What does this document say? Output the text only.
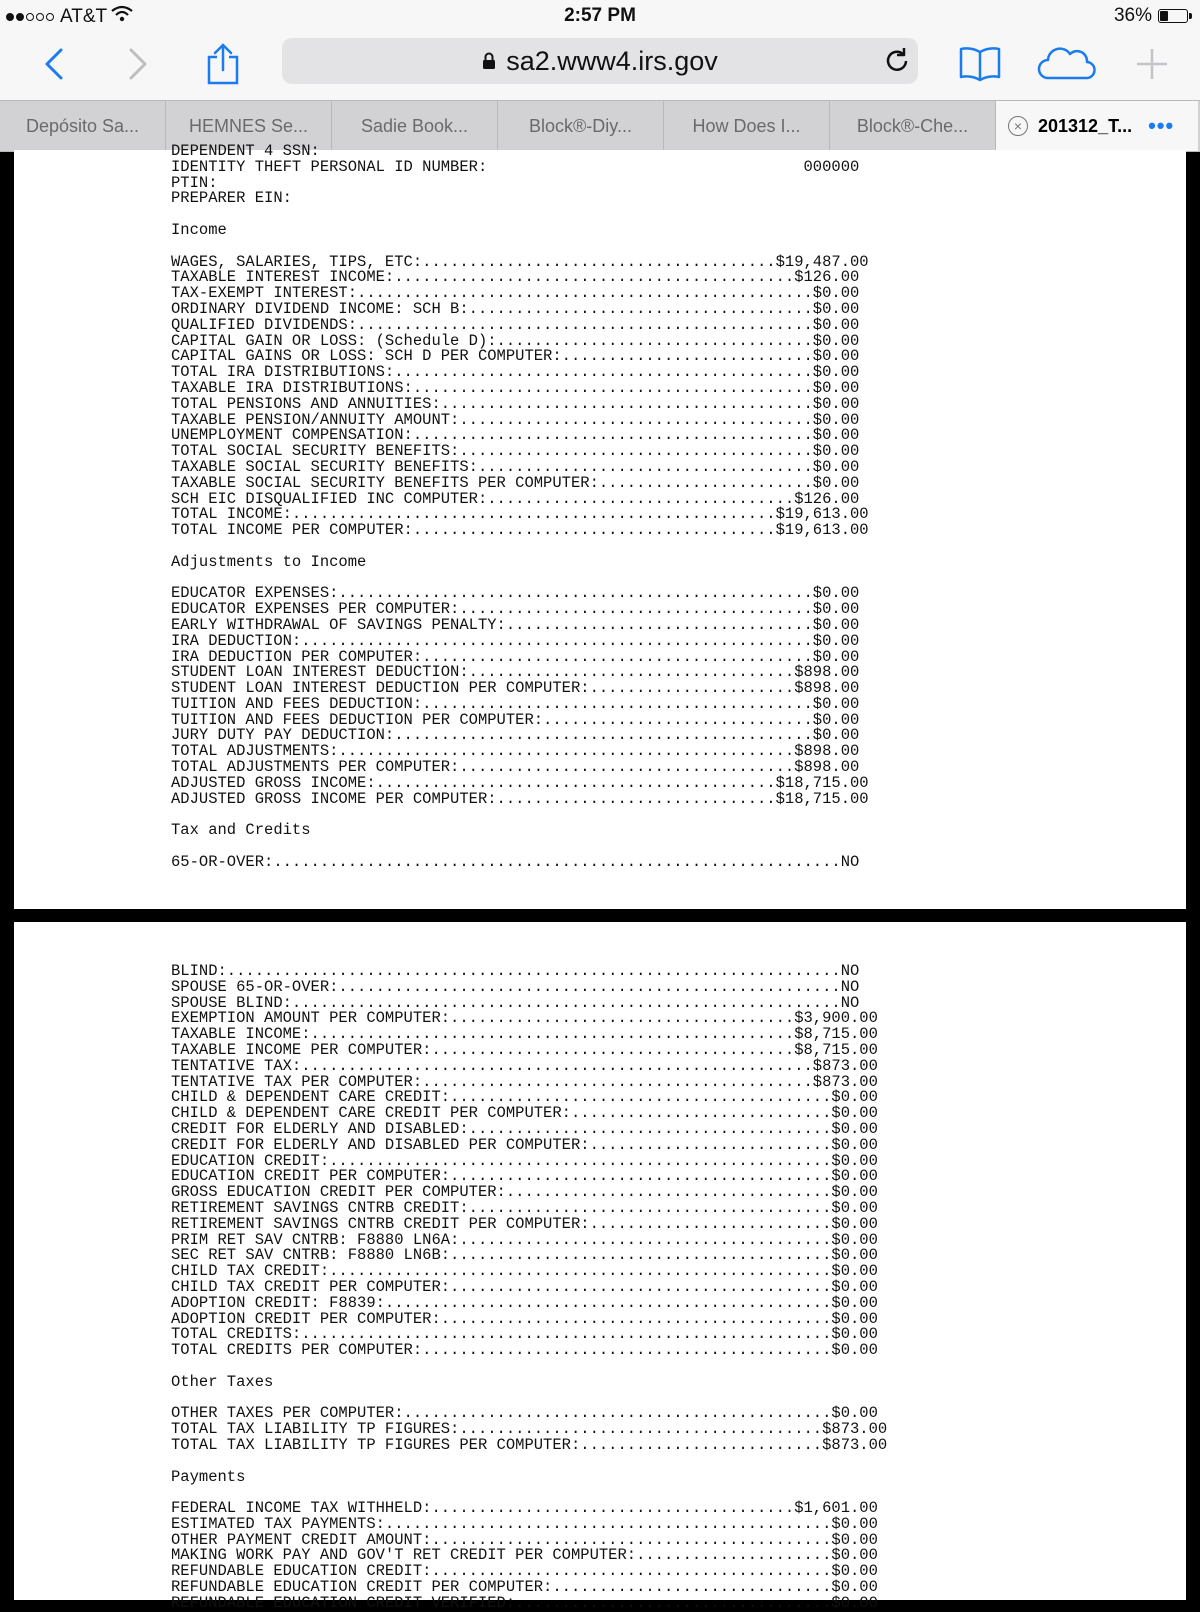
AT&T	2:57 PM	36%
sa2.www4.irs.gov
Depósito Sa...	HEMNES Se...	Sadie Book...	Block®-Diy...	How Does I...	Block®-Che...	× 201312_T... •••
DEPENDENT 4 SSN:
IDENTITY THEFT PERSONAL ID NUMBER:                                  000000
PTIN:
PREPARER EIN:
Income
WAGES, SALARIES, TIPS, ETC:......................................$19,487.00
TAXABLE INTEREST INCOME:...........................................$126.00
TAX-EXEMPT INTEREST:.................................................$0.00
ORDINARY DIVIDEND INCOME: SCH B:.....................................$0.00
QUALIFIED DIVIDENDS:.................................................$0.00
CAPITAL GAIN OR LOSS: (Schedule D):..................................$0.00
CAPITAL GAINS OR LOSS: SCH D PER COMPUTER:...........................$0.00
TOTAL IRA DISTRIBUTIONS:.............................................$0.00
TAXABLE IRA DISTRIBUTIONS:...........................................$0.00
TOTAL PENSIONS AND ANNUITIES:........................................$0.00
TAXABLE PENSION/ANNUITY AMOUNT:......................................$0.00
UNEMPLOYMENT COMPENSATION:...........................................$0.00
TOTAL SOCIAL SECURITY BENEFITS:......................................$0.00
TAXABLE SOCIAL SECURITY BENEFITS:....................................$0.00
TAXABLE SOCIAL SECURITY BENEFITS PER COMPUTER:.......................$0.00
SCH EIC DISQUALIFIED INC COMPUTER:.................................$126.00
TOTAL INCOME:....................................................$19,613.00
TOTAL INCOME PER COMPUTER:.......................................$19,613.00
Adjustments to Income
EDUCATOR EXPENSES:...................................................$0.00
EDUCATOR EXPENSES PER COMPUTER:......................................$0.00
EARLY WITHDRAWAL OF SAVINGS PENALTY:.................................$0.00
IRA DEDUCTION:.......................................................$0.00
IRA DEDUCTION PER COMPUTER:..........................................$0.00
STUDENT LOAN INTEREST DEDUCTION:...................................$898.00
STUDENT LOAN INTEREST DEDUCTION PER COMPUTER:......................$898.00
TUITION AND FEES DEDUCTION:..........................................$0.00
TUITION AND FEES DEDUCTION PER COMPUTER:.............................$0.00
JURY DUTY PAY DEDUCTION:.............................................$0.00
TOTAL ADJUSTMENTS:.................................................$898.00
TOTAL ADJUSTMENTS PER COMPUTER:....................................$898.00
ADJUSTED GROSS INCOME:...........................................$18,715.00
ADJUSTED GROSS INCOME PER COMPUTER:..............................$18,715.00
Tax and Credits
65-OR-OVER:.............................................................NO
BLIND:..................................................................NO
SPOUSE 65-OR-OVER:......................................................NO
SPOUSE BLIND:...........................................................NO
EXEMPTION AMOUNT PER COMPUTER:.....................................$3,900.00
TAXABLE INCOME:....................................................$8,715.00
TAXABLE INCOME PER COMPUTER:.......................................$8,715.00
TENTATIVE TAX:.......................................................$873.00
TENTATIVE TAX PER COMPUTER:..........................................$873.00
CHILD & DEPENDENT CARE CREDIT:.........................................$0.00
CHILD & DEPENDENT CARE CREDIT PER COMPUTER:............................$0.00
CREDIT FOR ELDERLY AND DISABLED:.......................................$0.00
CREDIT FOR ELDERLY AND DISABLED PER COMPUTER:..........................$0.00
EDUCATION CREDIT:......................................................$0.00
EDUCATION CREDIT PER COMPUTER:.........................................$0.00
GROSS EDUCATION CREDIT PER COMPUTER:...................................$0.00
RETIREMENT SAVINGS CNTRB CREDIT:.......................................$0.00
RETIREMENT SAVINGS CNTRB CREDIT PER COMPUTER:..........................$0.00
PRIM RET SAV CNTRB: F8880 LN6A:........................................$0.00
SEC RET SAV CNTRB: F8880 LN6B:.........................................$0.00
CHILD TAX CREDIT:......................................................$0.00
CHILD TAX CREDIT PER COMPUTER:.........................................$0.00
ADOPTION CREDIT: F8839:................................................$0.00
ADOPTION CREDIT PER COMPUTER:..........................................$0.00
TOTAL CREDITS:.........................................................$0.00
TOTAL CREDITS PER COMPUTER:............................................$0.00
Other Taxes
OTHER TAXES PER COMPUTER:..............................................$0.00
TOTAL TAX LIABILITY TP FIGURES:.......................................$873.00
TOTAL TAX LIABILITY TP FIGURES PER COMPUTER:..........................$873.00
Payments
FEDERAL INCOME TAX WITHHELD:.......................................$1,601.00
ESTIMATED TAX PAYMENTS:................................................$0.00
OTHER PAYMENT CREDIT AMOUNT:...........................................$0.00
MAKING WORK PAY AND GOV'T RET CREDIT PER COMPUTER:.....................$0.00
REFUNDABLE EDUCATION CREDIT:...........................................$0.00
REFUNDABLE EDUCATION CREDIT PER COMPUTER:..............................$0.00
REFUNDABLE EDUCATION CREDIT VERIFIED:..................................$0.00
